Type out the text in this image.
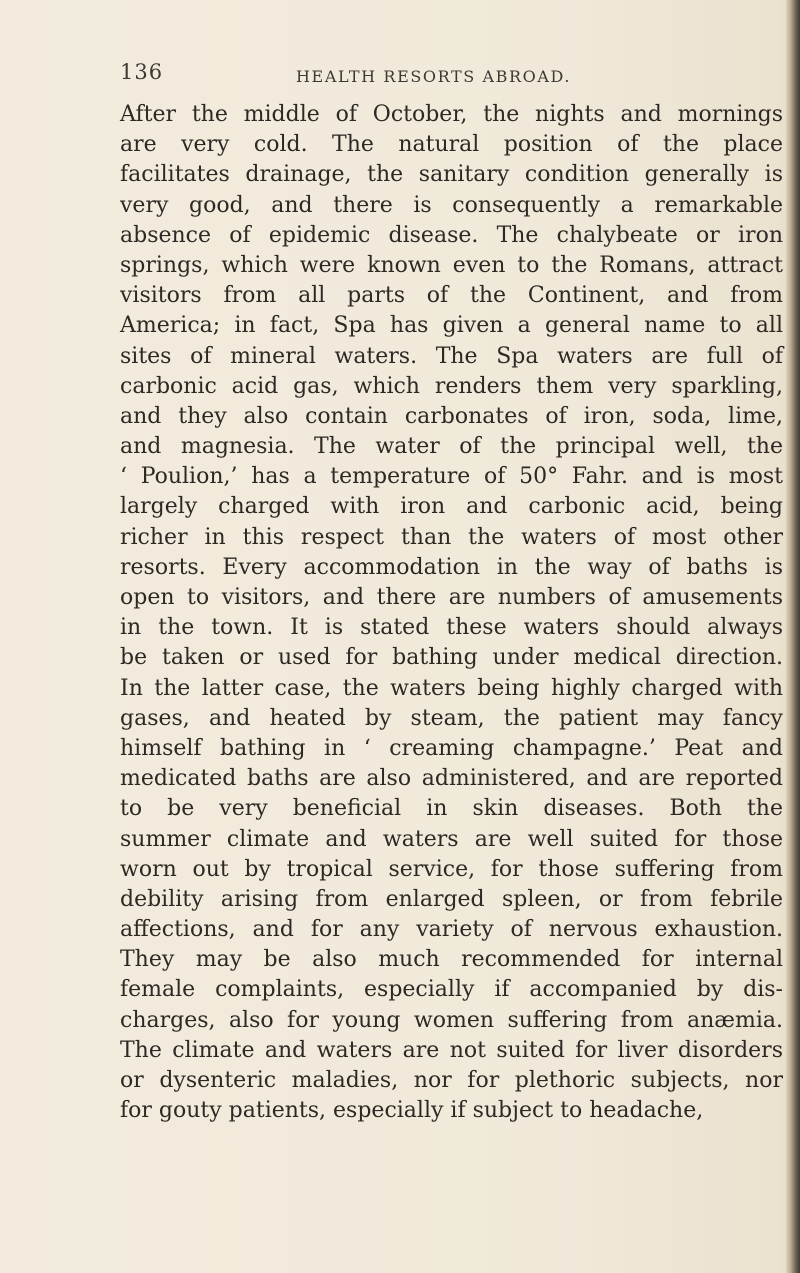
136	HEALTH RESORTS ABROAD.
After the middle of October, the nights and mornings
are very cold. The natural position of the place
facilitates drainage, the sanitary condition generally is
very good, and there is consequently a remarkable
absence of epidemic disease. The chalybeate or iron
springs, which were known even to the Romans, attract
visitors from all parts of the Continent, and from
America; in fact, Spa has given a general name to all
sites of mineral waters. The Spa waters are full of
carbonic acid gas, which renders them very sparkling,
and they also contain carbonates of iron, soda, lime,
and magnesia. The water of the principal well, the
‘ Poulion,’ has a temperature of 50° Fahr. and is most
largely charged with iron and carbonic acid, being
richer in this respect than the waters of most other
resorts. Every accommodation in the way of baths is
open to visitors, and there are numbers of amusements
in the town. It is stated these waters should always
be taken or used for bathing under medical direction.
In the latter case, the waters being highly charged with
gases, and heated by steam, the patient may fancy
himself bathing in ‘ creaming champagne.’ Peat and
medicated baths are also administered, and are reported
to be very beneficial in skin diseases. Both the
summer climate and waters are well suited for those
worn out by tropical service, for those suffering from
debility arising from enlarged spleen, or from febrile
affections, and for any variety of nervous exhaustion.
They may be also much recommended for internal
female complaints, especially if accompanied by dis-
charges, also for young women suffering from anæmia.
The climate and waters are not suited for liver disorders
or dysenteric maladies, nor for plethoric subjects, nor
for gouty patients, especially if subject to headache,
